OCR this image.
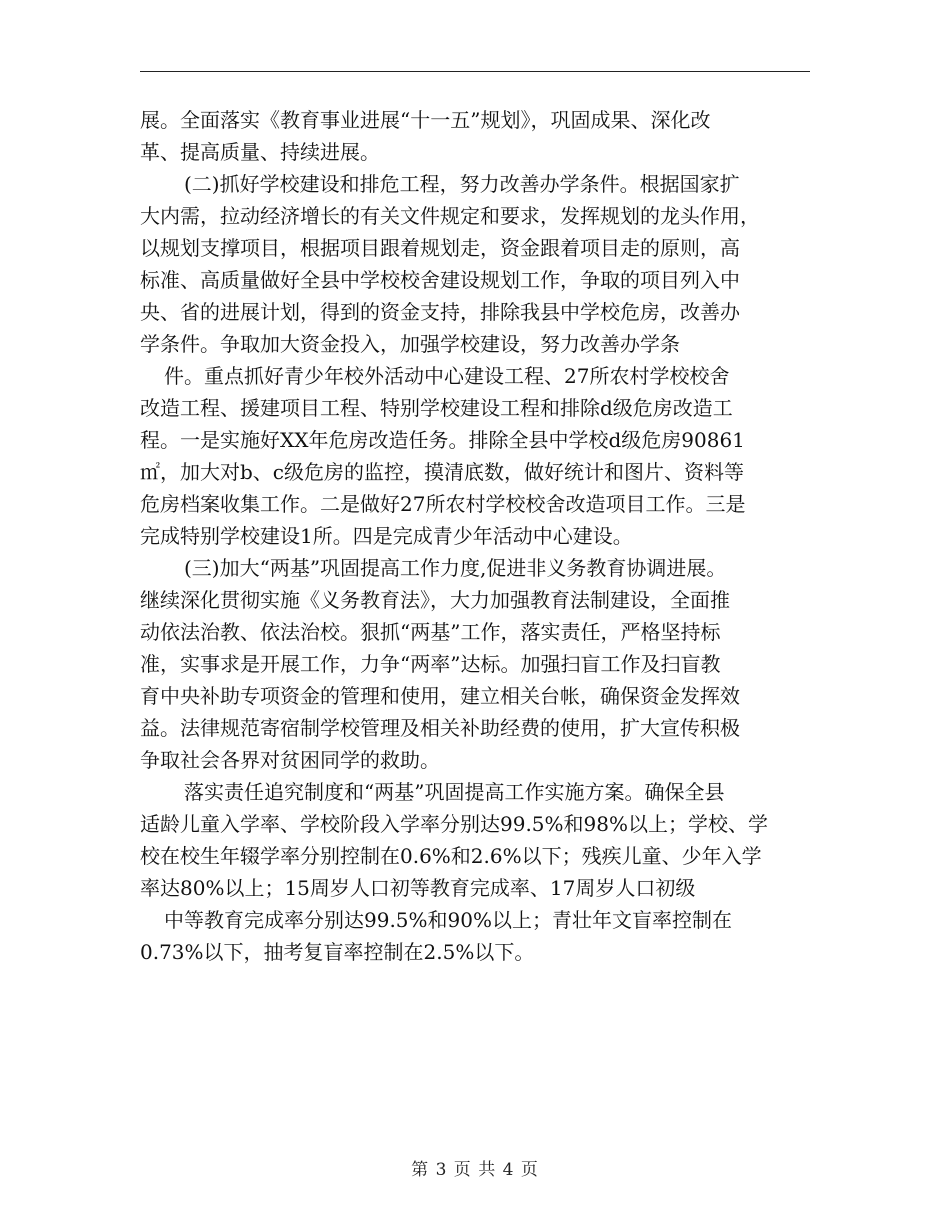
展。全面落实《教育事业进展“十一五”规划》，巩固成果、深化改
革、提高质量、持续进展。
(二)抓好学校建设和排危工程，努力改善办学条件。根据国家扩
大内需，拉动经济增长的有关文件规定和要求，发挥规划的龙头作用，
以规划支撑项目，根据项目跟着规划走，资金跟着项目走的原则，高
标准、高质量做好全县中学校校舍建设规划工作，争取的项目列入中
央、省的进展计划，得到的资金支持，排除我县中学校危房，改善办
学条件。争取加大资金投入，加强学校建设，努力改善办学条
件。重点抓好青少年校外活动中心建设工程、27所农村学校校舍
改造工程、援建项目工程、特别学校建设工程和排除d级危房改造工
程。一是实施好XX年危房改造任务。排除全县中学校d级危房90861
㎡，加大对b、c级危房的监控，摸清底数，做好统计和图片、资料等
危房档案收集工作。二是做好27所农村学校校舍改造项目工作。三是
完成特别学校建设1所。四是完成青少年活动中心建设。
(三)加大“两基”巩固提高工作力度,促进非义务教育协调进展。
继续深化贯彻实施《义务教育法》，大力加强教育法制建设，全面推
动依法治教、依法治校。狠抓“两基”工作，落实责任，严格坚持标
准，实事求是开展工作，力争“两率”达标。加强扫盲工作及扫盲教
育中央补助专项资金的管理和使用，建立相关台帐，确保资金发挥效
益。法律规范寄宿制学校管理及相关补助经费的使用，扩大宣传积极
争取社会各界对贫困同学的救助。
落实责任追究制度和“两基”巩固提高工作实施方案。确保全县
适龄儿童入学率、学校阶段入学率分别达99.5%和98%以上；学校、学
校在校生年辍学率分别控制在0.6%和2.6%以下；残疾儿童、少年入学
率达80%以上；15周岁人口初等教育完成率、17周岁人口初级
中等教育完成率分别达99.5%和90%以上；青壮年文盲率控制在
0.73%以下，抽考复盲率控制在2.5%以下。
第 3 页 共 4 页
